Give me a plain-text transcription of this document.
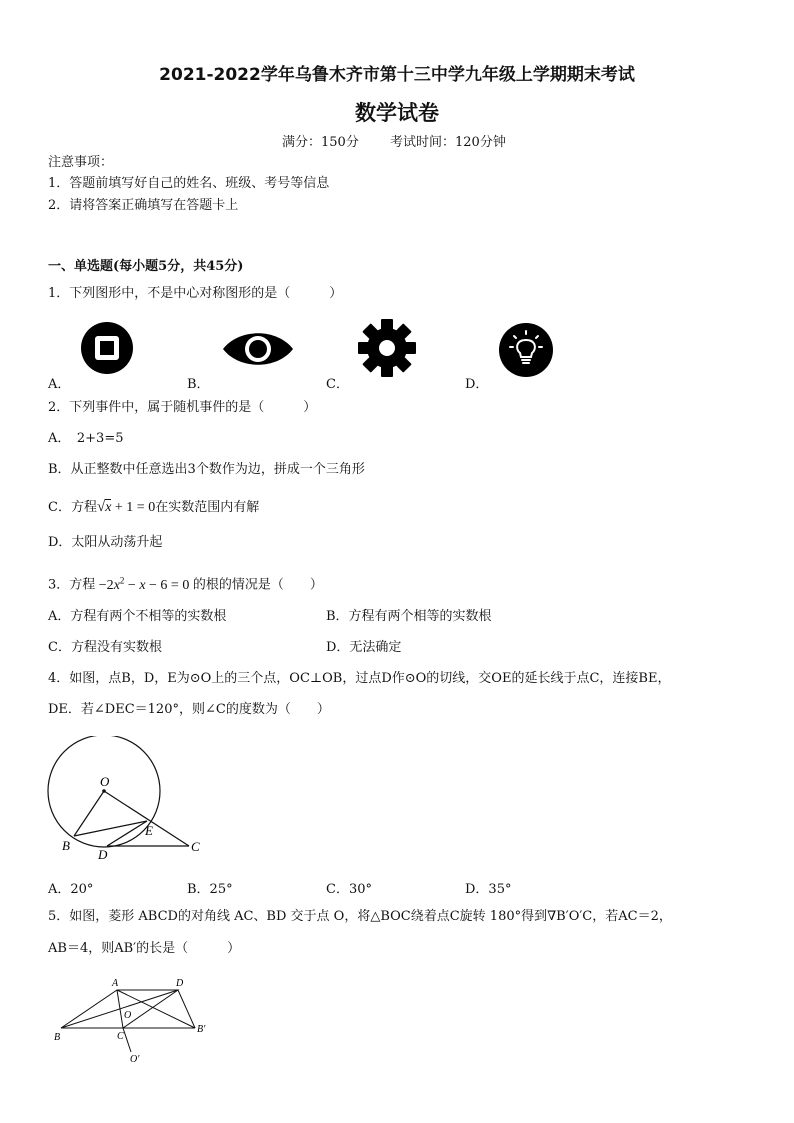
2021-2022学年乌鲁木齐市第十三中学九年级上学期期末考试
数学试卷
满分：150分 考试时间：120分钟
注意事项：
1．答题前填写好自己的姓名、班级、考号等信息
2．请将答案正确填写在答题卡上
一、单选题(每小题5分，共45分)
1．下列图形中，不是中心对称图形的是（　　　）
A．	B．	C．	D．
2．下列事件中，属于随机事件的是（　　　）
A．　2+3=5
B．从正整数中任意选出3个数作为边，拼成一个三角形
C．方程√x + 1 = 0在实数范围内有解
D．太阳从动荡升起
3．方程 $-2x^2 - x - 6 = 0$ 的根的情况是（　　）
A．方程有两个不相等的实数根	B．方程有两个相等的实数根
C．方程没有实数根	D．无法确定
4．如图，点B，D，E为⊙O上的三个点，OC⊥OB，过点D作⊙O的切线，交OE的延长线于点C，连接BE，
DE．若∠DEC＝120°，则∠C的度数为（　　）
O
B
D
E
C
A．20°	B．25°	C．30°	D．35°
5．如图，菱形 ABCD的对角线 AC、BD 交于点 O，将△BOC绕着点C旋转 180°得到∇B′O′C，若AC＝2，
AB＝4，则AB′的长是（　　　）
A	D
O
B	C
B′
O′
